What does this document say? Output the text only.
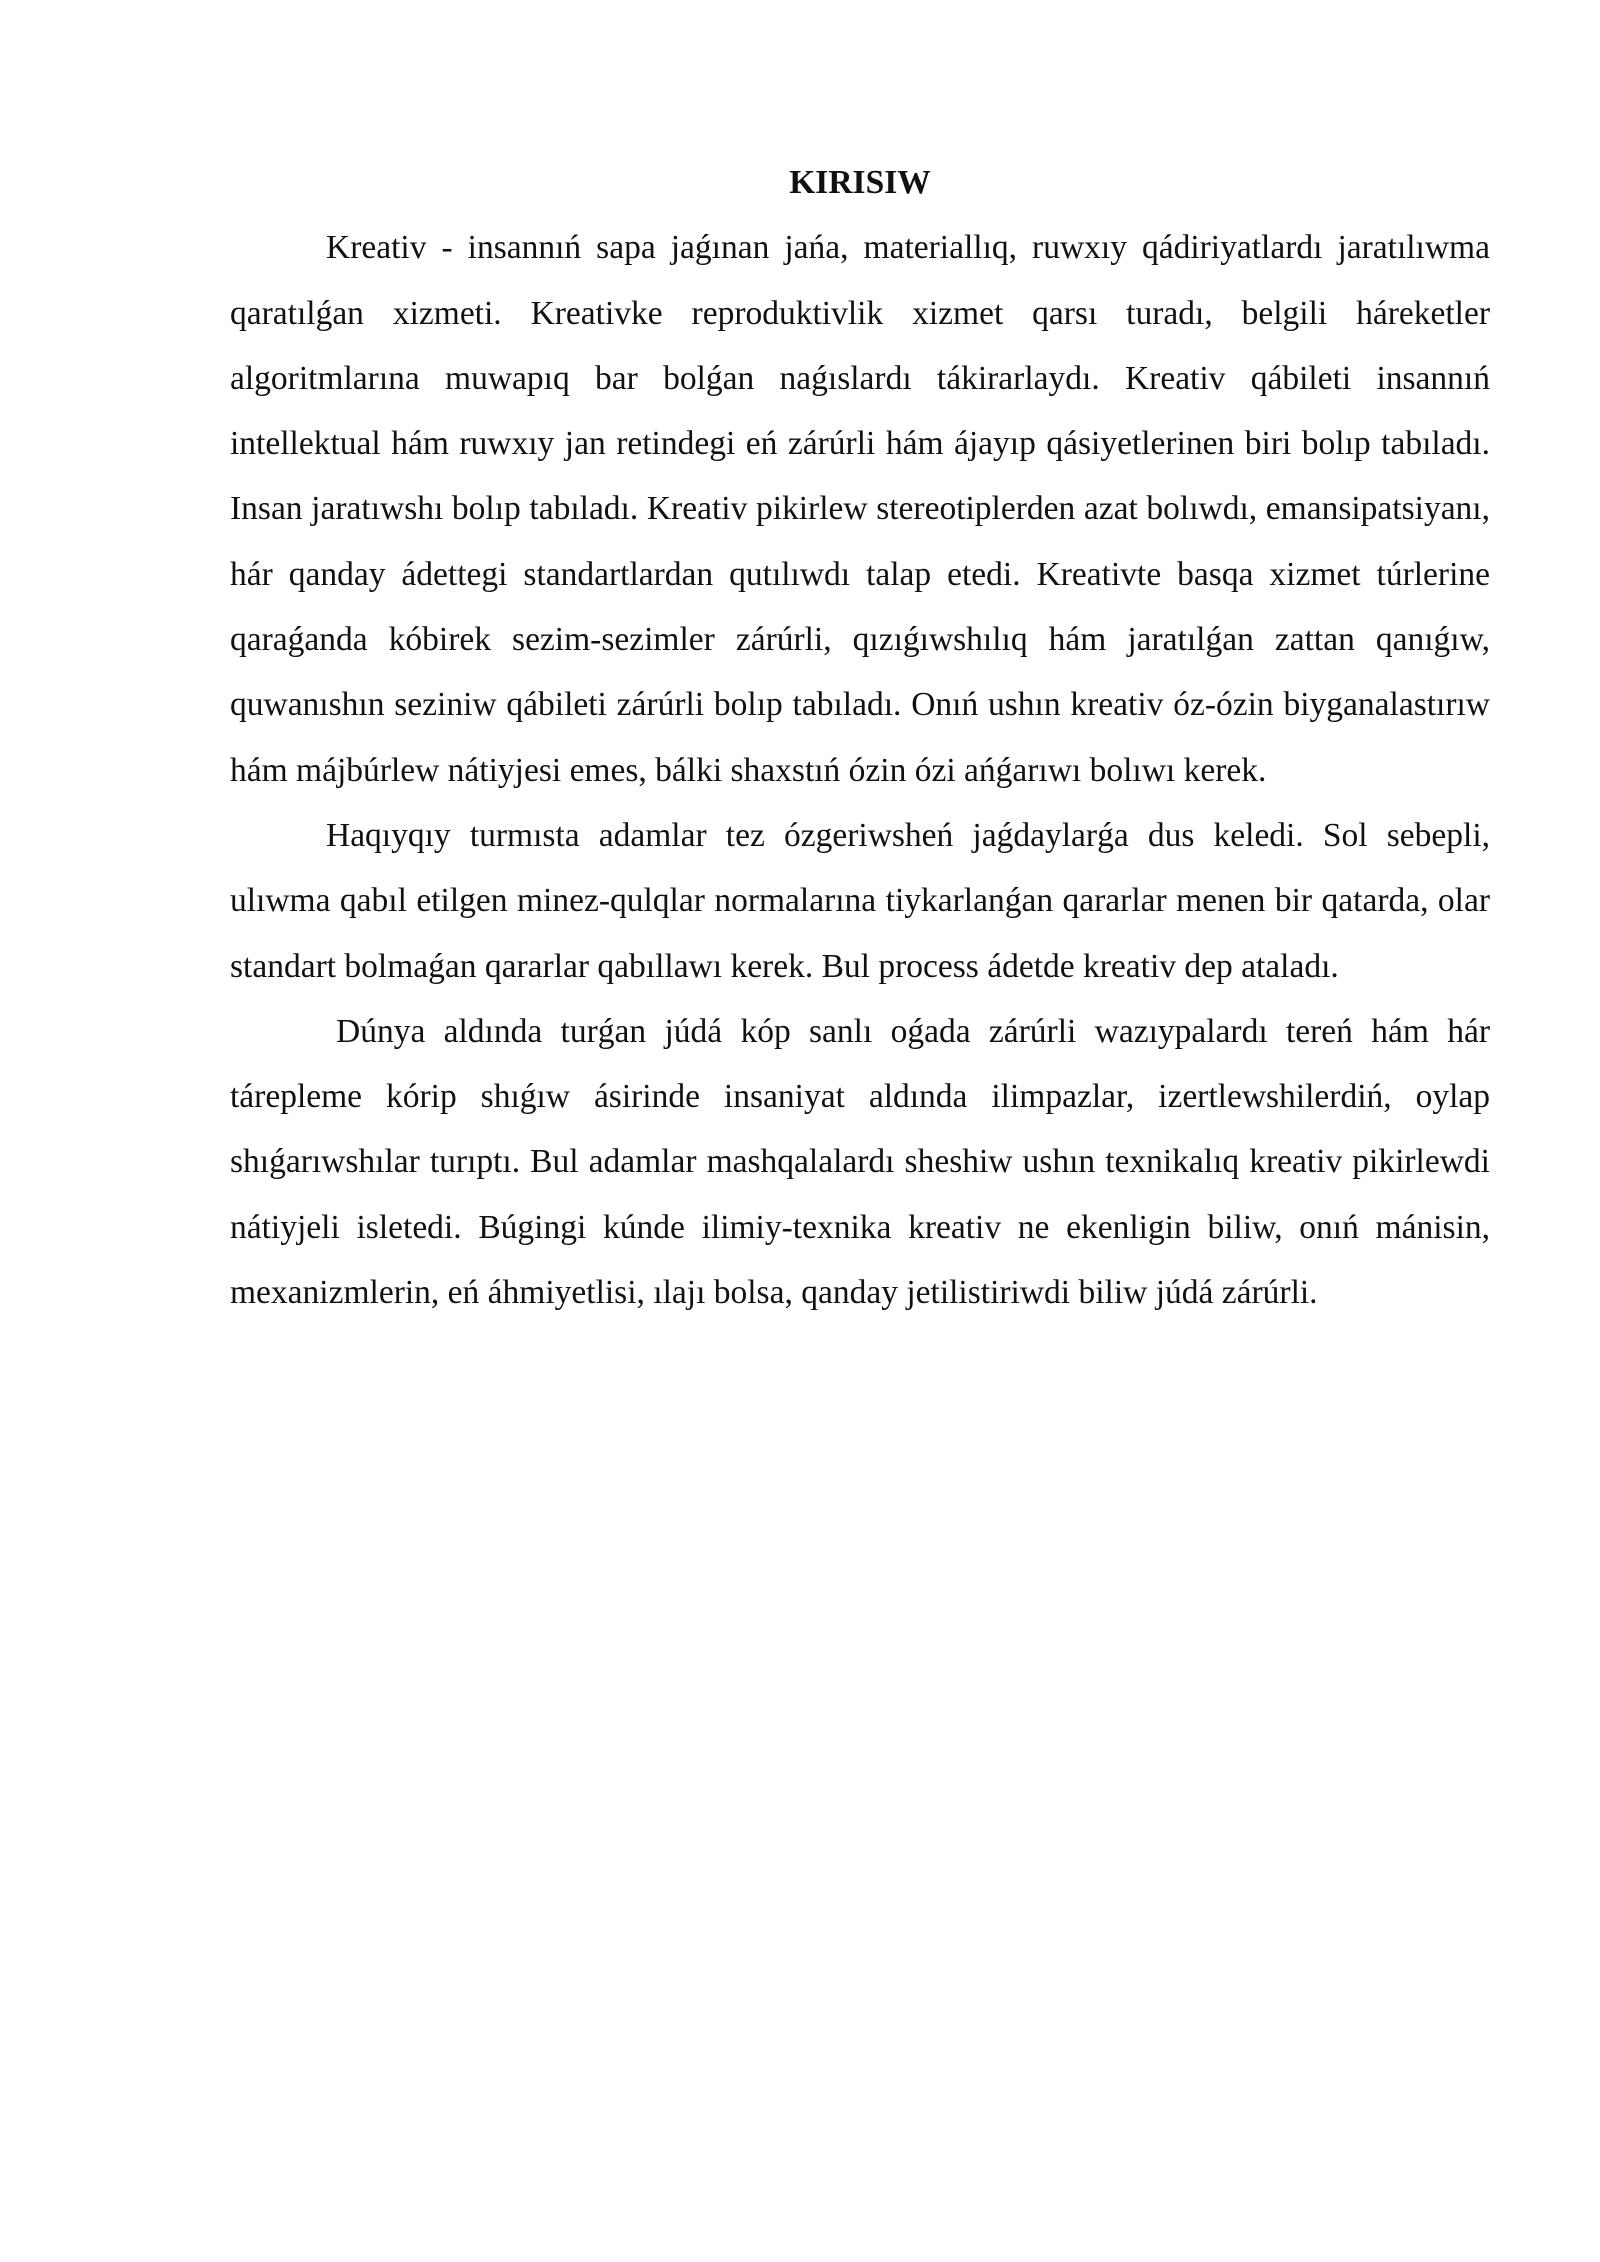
KIRISIW

Kreativ - insannıń sapa jaǵınan jańa, materiallıq, ruwxıy qádiriyatlardı jaratılıwma qaratılǵan xizmeti. Kreativke reproduktivlik xizmet qarsı turadı, belgili háreketler algoritmlarına muwapıq bar bolǵan naǵıslardı tákirarlaydı. Kreativ qábileti insannıń intellektual hám ruwxıy jan retindegi eń zárúrli hám ájayıp qásiyetlerinen biri bolıp tabıladı. Insan jaratıwshı bolıp tabıladı. Kreativ pikirlew stereotiplerden azat bolıwdı, emansipatsiyanı, hár qanday ádettegi standartlardan qutılıwdı talap etedi. Kreativte basqa xizmet túrlerine qaraǵanda kóbirek sezim-sezimler zárúrli, qızıǵıwshılıq hám jaratılǵan zattan qanıǵıw, quwanıshın seziniw qábileti zárúrli bolıp tabıladı. Onıń ushın kreativ óz-ózin biyganalastırıw hám májbúrlew nátiyjesi emes, bálki shaxstıń ózin ózi ańǵarıwı bolıwı kerek.

Haqıyqıy turmısta adamlar tez ózgeriwsheń jaǵdaylarǵa dus keledi. Sol sebepli, ulıwma qabıl etilgen minez-qulqlar normalarına tiykarlanǵan qararlar menen bir qatarda, olar standart bolmaǵan qararlar qabıllawı kerek. Bul process ádetde kreativ dep ataladı.

Dúnya aldında turǵan júdá kóp sanlı oǵada zárúrli wazıypalardı tereń hám hár tárepleme kórip shıǵıw ásirinde insaniyat aldında ilimpazlar, izertlewshilerdiń, oylap shıǵarıwshılar turıptı. Bul adamlar mashqalalardı sheshiw ushın texnikalıq kreativ pikirlewdi nátiyjeli isletedi. Búgingi kúnde ilimiy-texnika kreativ ne ekenligin biliw, onıń mánisin, mexanizmlerin, eń áhmiyetlisi, ılajı bolsa, qanday jetilistiriwdi biliw júdá zárúrli.
